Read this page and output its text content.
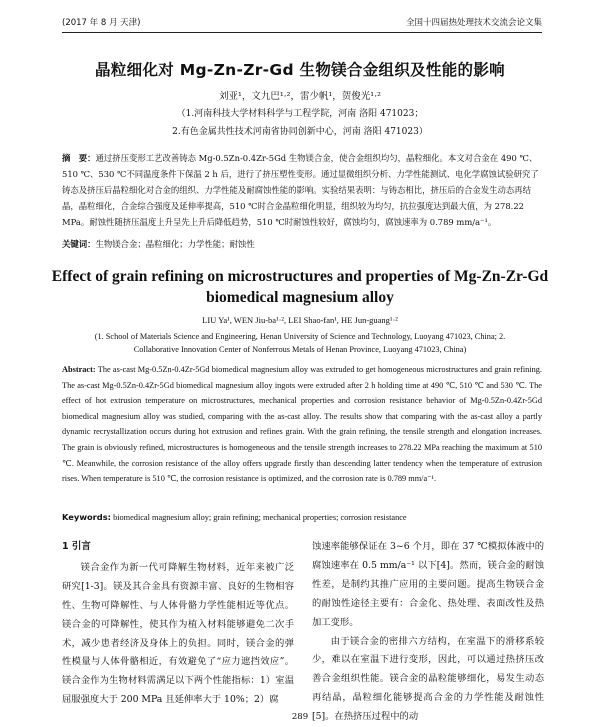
(2017 年 8 月 天津)	全国十四届热处理技术交流会论文集
晶粒细化对 Mg-Zn-Zr-Gd 生物镁合金组织及性能的影响
刘亚¹，文九巴¹·²，雷少帆¹，贺俊光¹·²
（1.河南科技大学材料科学与工程学院，河南 洛阳 471023；
2.有色金属共性技术河南省协同创新中心，河南 洛阳 471023）
摘　要：通过挤压变形工艺改善铸态 Mg-0.5Zn-0.4Zr-5Gd 生物镁合金，使合金组织均匀，晶粒细化。本文对合金在 490 ℃、510 ℃、530 ℃不同温度条件下保温 2 h 后，进行了挤压塑性变形。通过显微组织分析、力学性能测试、电化学腐蚀试验研究了铸态及挤压后晶粒细化对合金的组织、力学性能及耐腐蚀性能的影响。实验结果表明：与铸态相比，挤压后的合金发生动态再结晶，晶粒细化，合金综合强度及延伸率提高，510 ℃时合金晶粒细化明显，组织较为均匀，抗拉强度达到最大值，为 278.22 MPa。耐蚀性随挤压温度上升呈先上升后降低趋势，510 ℃时耐蚀性较好，腐蚀均匀，腐蚀速率为 0.789 mm/a⁻¹。
关键词：生物镁合金；晶粒细化；力学性能；耐蚀性
Effect of grain refining on microstructures and properties of Mg-Zn-Zr-Gd
biomedical magnesium alloy
LIU Ya¹, WEN Jiu-ba¹·², LEI Shao-fan¹, HE Jun-guang¹·²
(1. School of Materials Science and Engineering, Henan University of Science and Technology, Luoyang 471023, China; 2.
Collaborative Innovation Center of Nonferrous Metals of Henan Province, Luoyang 471023, China)
Abstract: The as-cast Mg-0.5Zn-0.4Zr-5Gd biomedical magnesium alloy was extruded to get homogeneous microstructures and grain refining. The as-cast Mg-0.5Zn-0.4Zr-5Gd biomedical magnesium alloy ingots were extruded after 2 h holding time at 490 ℃, 510 ℃ and 530 ℃. The effect of hot extrusion temperature on microstructures, mechanical properties and corrosion resistance behavior of Mg-0.5Zn-0.4Zr-5Gd biomedical magnesium alloy was studied, comparing with the as-cast alloy. The results show that comparing with the as-cast alloy a partly dynamic recrystallization occurs during hot extrusion and refines grain. With the grain refining, the tensile strength and elongation increases. The grain is obviously refined, microstructures is homogeneous and the tensile strength increases to 278.22 MPa reaching the maximum at 510 ℃. Meanwhile, the corrosion resistance of the alloy offers upgrade firstly than descending latter tendency when the temperature of extrusion rises. When temperature is 510 ℃, the corrosion resistance is optimized, and the corrosion rate is 0.789 mm/a⁻¹.
Keywords: biomedical magnesium alloy; grain refining; mechanical properties; corrosion resistance
1 引言

镁合金作为新一代可降解生物材料，近年来被广泛研究[1-3]。镁及其合金具有资源丰富、良好的生物相容性、生物可降解性、与人体骨骼力学性能相近等优点。镁合金的可降解性，使其作为植入材料能够避免二次手术，减少患者经济及身体上的负担。同时，镁合金的弹性模量与人体骨骼相近，有效避免了“应力遮挡效应”。镁合金作为生物材料需满足以下两个性能指标：1）室温屈服强度大于 200 MPa 且延伸率大于 10%；2）腐

蚀速率能够保证在 3~6 个月，即在 37 ℃模拟体液中的腐蚀速率在 0.5 mm/a⁻¹ 以下[4]。然而，镁合金的耐蚀性差，是制约其推广应用的主要问题。提高生物镁合金的耐蚀性途径主要有：合金化、热处理、表面改性及热加工变形。

由于镁合金的密排六方结构，在室温下的滑移系较少，难以在室温下进行变形，因此，可以通过热挤压改善合金组织性能。镁合金的晶粒能够细化，易发生动态再结晶，晶粒细化能够提高合金的力学性能及耐蚀性[5]。在热挤压过程中的动

289
